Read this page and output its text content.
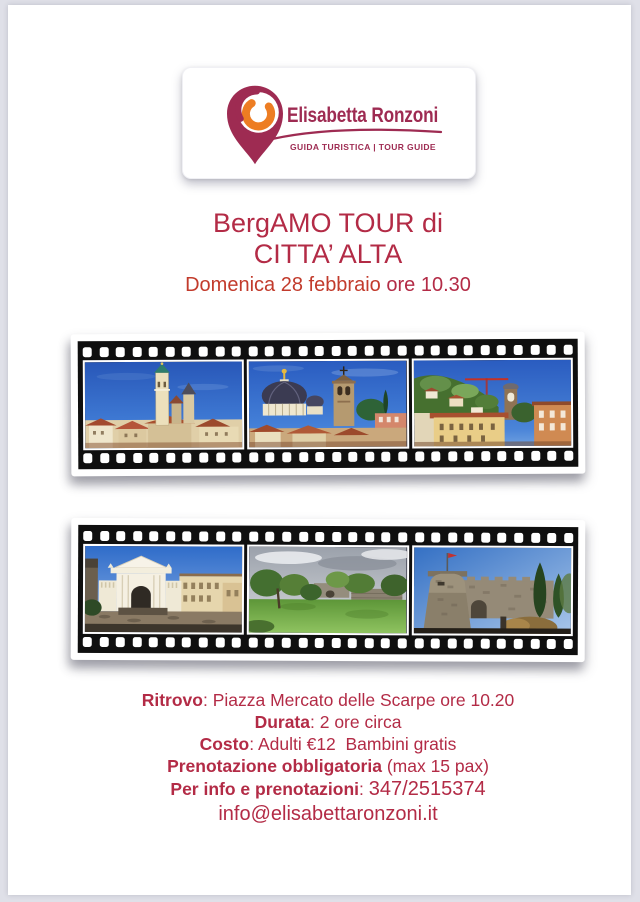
Elisabetta Ronzoni
GUIDA TURISTICA | TOUR GUIDE
BergAMO TOUR di
CITTA’ ALTA
Domenica 28 febbraio ore 10.30
Ritrovo: Piazza Mercato delle Scarpe ore 10.20
Durata: 2 ore circa
Costo: Adulti €12  Bambini gratis
Prenotazione obbligatoria (max 15 pax)
Per info e prenotazioni: 347/2515374
info@elisabettaronzoni.it
